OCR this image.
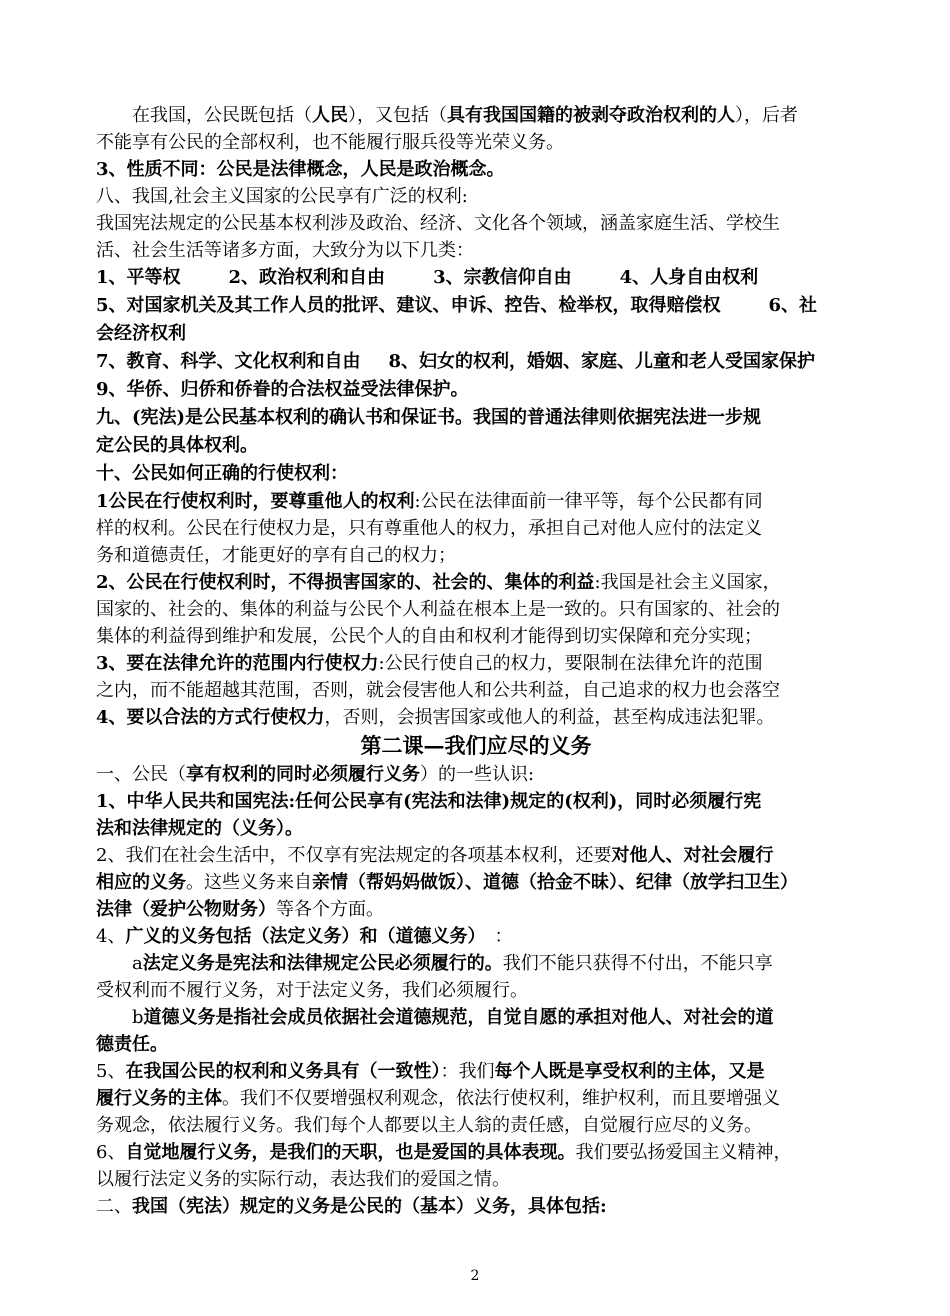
在我国，公民既包括（人民），又包括（具有我国国籍的被剥夺政治权利的人），后者
不能享有公民的全部权利，也不能履行服兵役等光荣义务。
3、性质不同：公民是法律概念，人民是政治概念。
八、我国,社会主义国家的公民享有广泛的权利:
我国宪法规定的公民基本权利涉及政治、经济、文化各个领域，涵盖家庭生活、学校生
活、社会生活等诸多方面，大致分为以下几类：
1、平等权	2、政治权利和自由	3、宗教信仰自由	4、人身自由权利
5、对国家机关及其工作人员的批评、建议、申诉、控告、检举权，取得赔偿权	6、社
会经济权利
7、教育、科学、文化权利和自由 8、妇女的权利，婚姻、家庭、儿童和老人受国家保护
9、华侨、归侨和侨眷的合法权益受法律保护。
九、(宪法)是公民基本权利的确认书和保证书。我国的普通法律则依据宪法进一步规
定公民的具体权利。
十、公民如何正确的行使权利：
1公民在行使权利时，要尊重他人的权利:公民在法律面前一律平等，每个公民都有同
样的权利。公民在行使权力是，只有尊重他人的权力，承担自己对他人应付的法定义
务和道德责任，才能更好的享有自己的权力；
2、公民在行使权利时，不得损害国家的、社会的、集体的利益:我国是社会主义国家，
国家的、社会的、集体的利益与公民个人利益在根本上是一致的。只有国家的、社会的
集体的利益得到维护和发展，公民个人的自由和权利才能得到切实保障和充分实现；
3、要在法律允许的范围内行使权力:公民行使自己的权力，要限制在法律允许的范围
之内，而不能超越其范围，否则，就会侵害他人和公共利益，自己追求的权力也会落空
4、要以合法的方式行使权力，否则，会损害国家或他人的利益，甚至构成违法犯罪。
第二课—我们应尽的义务
一、公民（享有权利的同时必须履行义务）的一些认识:
1、中华人民共和国宪法:任何公民享有(宪法和法律)规定的(权利)，同时必须履行宪
法和法律规定的（义务）。
2、我们在社会生活中，不仅享有宪法规定的各项基本权利，还要对他人、对社会履行
相应的义务。这些义务来自亲情（帮妈妈做饭）、道德（拾金不昧）、纪律（放学扫卫生）
法律（爱护公物财务）等各个方面。
4、广义的义务包括（法定义务）和（道德义务）　：
a法定义务是宪法和法律规定公民必须履行的。我们不能只获得不付出，不能只享
受权利而不履行义务，对于法定义务，我们必须履行。
b道德义务是指社会成员依据社会道德规范，自觉自愿的承担对他人、对社会的道
德责任。
5、在我国公民的权利和义务具有（一致性）：我们每个人既是享受权利的主体，又是
履行义务的主体。我们不仅要增强权利观念，依法行使权利，维护权利，而且要增强义
务观念，依法履行义务。我们每个人都要以主人翁的责任感，自觉履行应尽的义务。
6、自觉地履行义务，是我们的天职，也是爱国的具体表现。我们要弘扬爱国主义精神，
以履行法定义务的实际行动，表达我们的爱国之情。
二、我国（宪法）规定的义务是公民的（基本）义务，具体包括:
2
